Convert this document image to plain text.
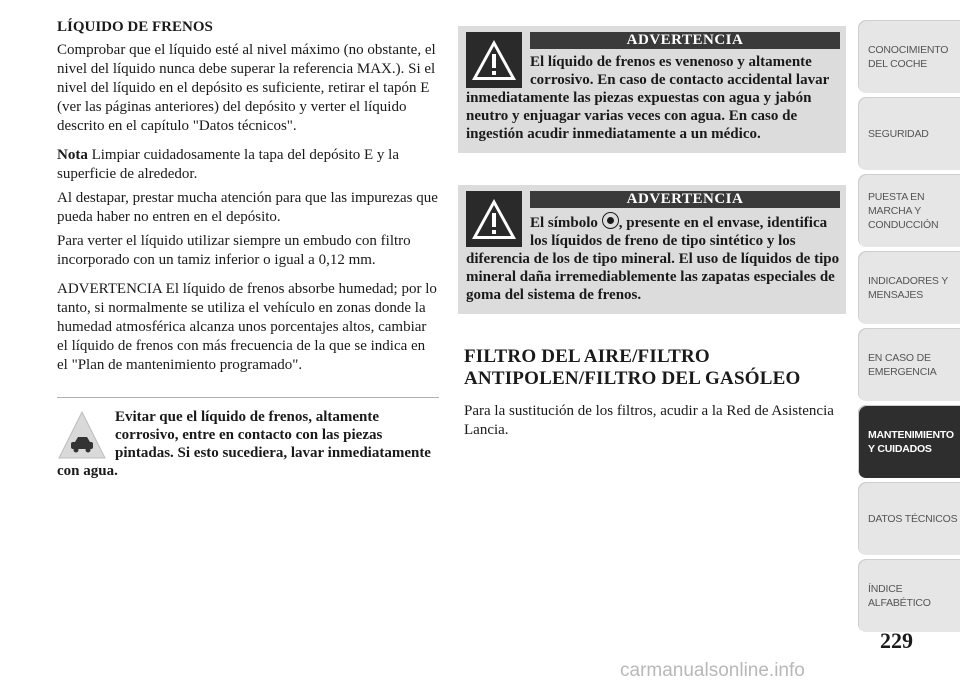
LÍQUIDO DE FRENOS

Comprobar que el líquido esté al nivel máximo (no obstante, el nivel del líquido nunca debe superar la referencia MAX.). Si el nivel del líquido en el depósito es suficiente, retirar el tapón E (ver las páginas anteriores) del depósito y verter el líquido descrito en el capítulo "Datos técnicos".

Nota Limpiar cuidadosamente la tapa del depósito E y la superficie de alrededor.

Al destapar, prestar mucha atención para que las impurezas que pueda haber no entren en el depósito.

Para verter el líquido utilizar siempre un embudo con filtro incorporado con un tamiz inferior o igual a 0,12 mm.

ADVERTENCIA El líquido de frenos absorbe humedad; por lo tanto, si normalmente se utiliza el vehículo en zonas donde la humedad atmosférica alcanza unos porcentajes altos, cambiar el líquido de frenos con más frecuencia de la que se indica en el "Plan de mantenimiento programado".

Evitar que el líquido de frenos, altamente corrosivo, entre en contacto con las piezas pintadas. Si esto sucediera, lavar inmediatamente con agua.
ADVERTENCIA
El líquido de frenos es venenoso y altamente corrosivo. En caso de contacto accidental lavar inmediatamente las piezas expuestas con agua y jabón neutro y enjuagar varias veces con agua. En caso de ingestión acudir inmediatamente a un médico.
ADVERTENCIA
El símbolo , presente en el envase, identifica los líquidos de freno de tipo sintético y los diferencia de los de tipo mineral. El uso de líquidos de tipo mineral daña irremediablemente las zapatas especiales de goma del sistema de frenos.
FILTRO DEL AIRE/FILTRO ANTIPOLEN/FILTRO DEL GASÓLEO

Para la sustitución de los filtros, acudir a la Red de Asistencia Lancia.

CONOCIMIENTO
DEL COCHE
SEGURIDAD
PUESTA EN
MARCHA Y
CONDUCCIÓN
INDICADORES Y
MENSAJES
EN CASO DE
EMERGENCIA
MANTENIMIENTO
Y CUIDADOS
DATOS TÉCNICOS
ÍNDICE
ALFABÉTICO
229
carmanualsonline.info
